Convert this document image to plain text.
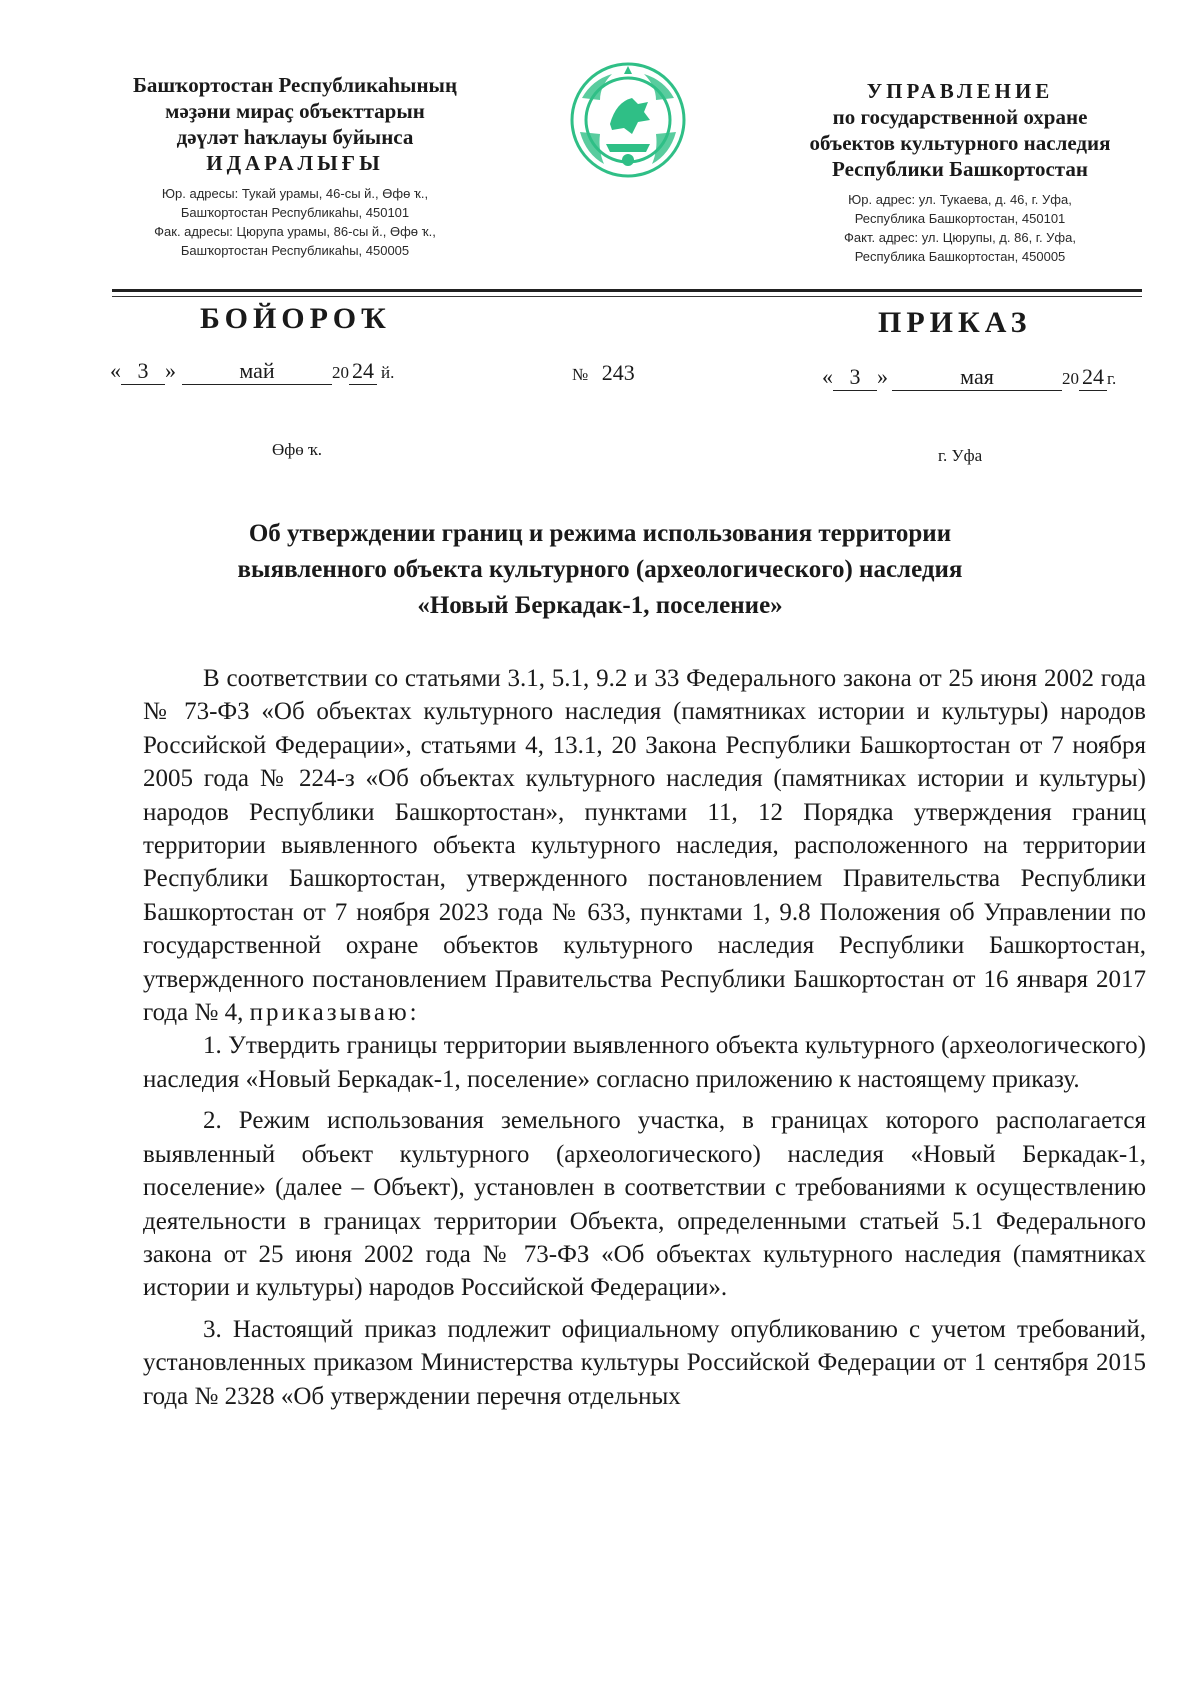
Башҡортостан Республикаһының
мәҙәни мираҫ объекттарын
дәүләт һаҡлауы буйынса
ИДАРАЛЫҒЫ
Юр. адресы: Тукай урамы, 46-сы й., Өфө ҡ.,
Башҡортостан Республикаһы, 450101
Фак. адресы: Цюрупа урамы, 86-сы й., Өфө ҡ.,
Башҡортостан Республикаһы, 450005
УПРАВЛЕНИЕ
по государственной охране
объектов культурного наследия
Республики Башкортостан
Юр. адрес: ул. Тукаева, д. 46, г. Уфа,
Республика Башкортостан, 450101
Факт. адрес: ул. Цюрупы, д. 86, г. Уфа,
Республика Башкортостан, 450005
БОЙОРОҠ	ПРИКАЗ
« 3 »	май	20 24 й.	№ 243	« 3 »	мая	20 24 г.
Өфө ҡ.	г. Уфа
Об утверждении границ и режима использования территории
выявленного объекта культурного (археологического) наследия
«Новый Беркадак-1, поселение»

В соответствии со статьями 3.1, 5.1, 9.2 и 33 Федерального закона от 25 июня 2002 года № 73-ФЗ «Об объектах культурного наследия (памятниках истории и культуры) народов Российской Федерации», статьями 4, 13.1, 20 Закона Республики Башкортостан от 7 ноября 2005 года № 224-з «Об объектах культурного наследия (памятниках истории и культуры) народов Республики Башкортостан», пунктами 11, 12 Порядка утверждения границ территории выявленного объекта культурного наследия, расположенного на территории Республики Башкортостан, утвержденного постановлением Правительства Республики Башкортостан от 7 ноября 2023 года № 633, пунктами 1, 9.8 Положения об Управлении по государственной охране объектов культурного наследия Республики Башкортостан, утвержденного постановлением Правительства Республики Башкортостан от 16 января 2017 года № 4, приказываю:

1. Утвердить границы территории выявленного объекта культурного (археологического) наследия «Новый Беркадак-1, поселение» согласно приложению к настоящему приказу.

2. Режим использования земельного участка, в границах которого располагается выявленный объект культурного (археологического) наследия «Новый Беркадак-1, поселение» (далее – Объект), установлен в соответствии с требованиями к осуществлению деятельности в границах территории Объекта, определенными статьей 5.1 Федерального закона от 25 июня 2002 года № 73-ФЗ «Об объектах культурного наследия (памятниках истории и культуры) народов Российской Федерации».

3. Настоящий приказ подлежит официальному опубликованию с учетом требований, установленных приказом Министерства культуры Российской Федерации от 1 сентября 2015 года № 2328 «Об утверждении перечня отдельных
